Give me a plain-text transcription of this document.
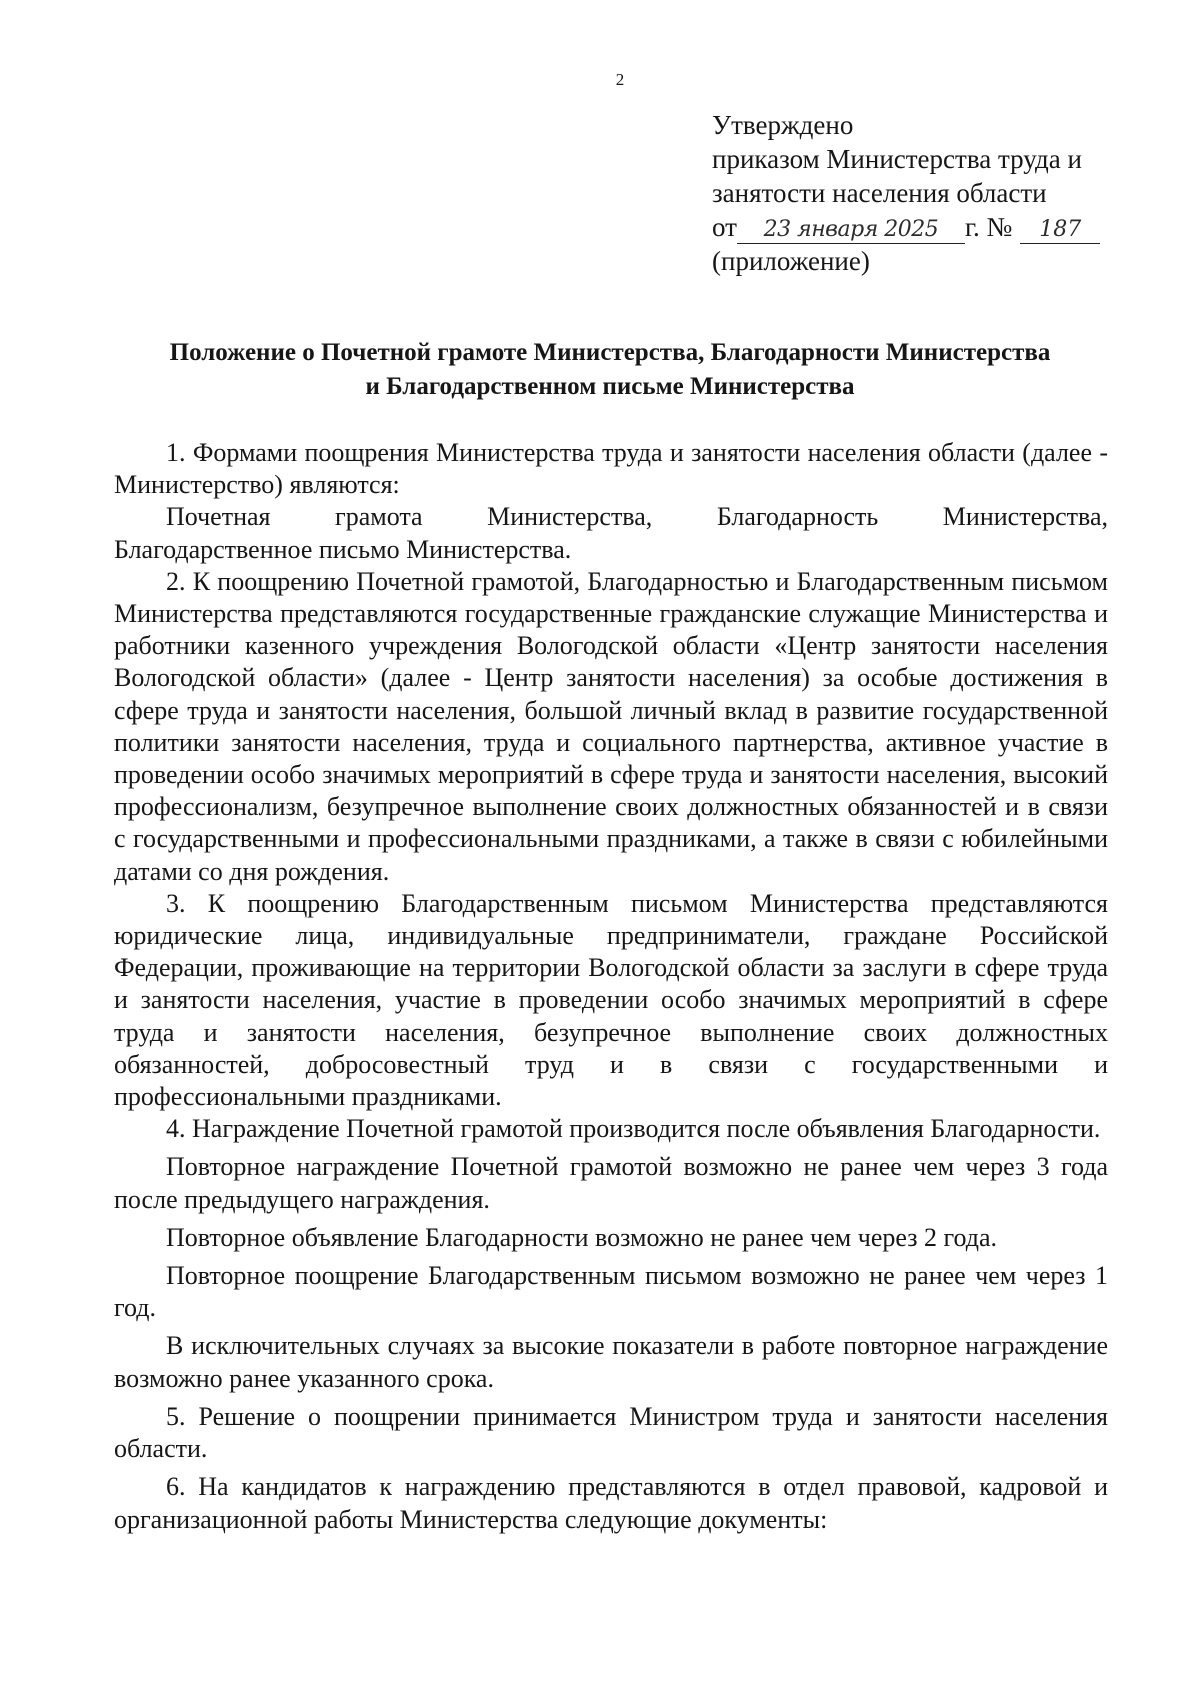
2
Утверждено
приказом Министерства труда и
занятости населения области
от 23 января 2025 г. № 187
(приложение)
Положение о Почетной грамоте Министерства, Благодарности Министерства
и Благодарственном письме Министерства

1. Формами поощрения Министерства труда и занятости населения области (далее - Министерство) являются:

Почетная грамота Министерства, Благодарность Министерства,

Благодарственное письмо Министерства.

2. К поощрению Почетной грамотой, Благодарностью и Благодарственным письмом Министерства представляются государственные гражданские служащие Министерства и работники казенного учреждения Вологодской области «Центр занятости населения Вологодской области» (далее - Центр занятости населения) за особые достижения в сфере труда и занятости населения, большой личный вклад в развитие государственной политики занятости населения, труда и социального партнерства, активное участие в проведении особо значимых мероприятий в сфере труда и занятости населения, высокий профессионализм, безупречное выполнение своих должностных обязанностей и в связи с государственными и профессиональными праздниками, а также в связи с юбилейными датами со дня рождения.

3. К поощрению Благодарственным письмом Министерства представляются юридические лица, индивидуальные предприниматели, граждане Российской Федерации, проживающие на территории Вологодской области за заслуги в сфере труда и занятости населения, участие в проведении особо значимых мероприятий в сфере труда и занятости населения, безупречное выполнение своих должностных обязанностей, добросовестный труд и в связи с государственными и профессиональными праздниками.

4. Награждение Почетной грамотой производится после объявления Благодарности.

Повторное награждение Почетной грамотой возможно не ранее чем через 3 года после предыдущего награждения.

Повторное объявление Благодарности возможно не ранее чем через 2 года.

Повторное поощрение Благодарственным письмом возможно не ранее чем через 1 год.

В исключительных случаях за высокие показатели в работе повторное награждение возможно ранее указанного срока.

5. Решение о поощрении принимается Министром труда и занятости населения области.

6. На кандидатов к награждению представляются в отдел правовой, кадровой и организационной работы Министерства следующие документы:
